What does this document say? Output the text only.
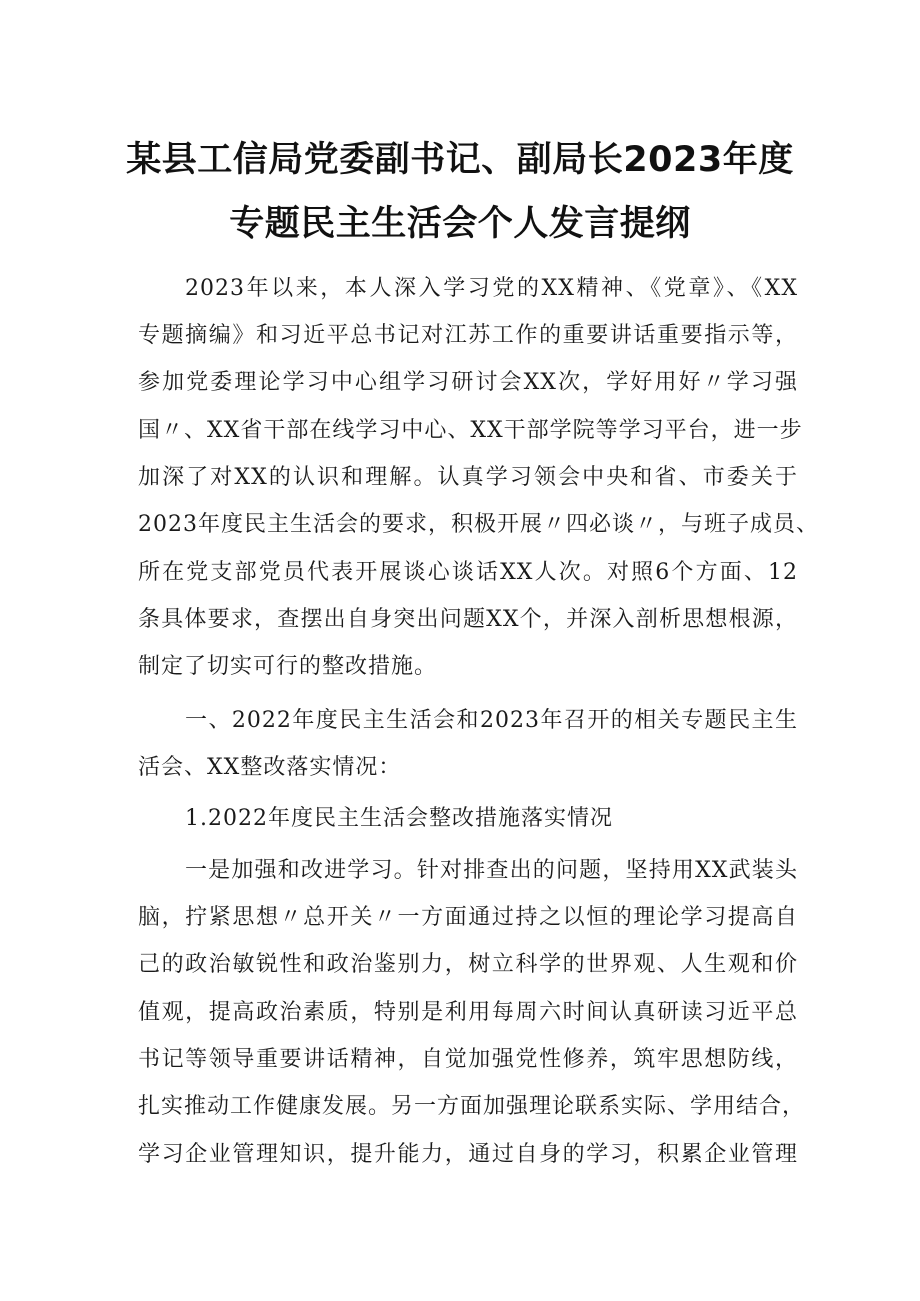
某县工信局党委副书记、副局长2023年度
专题民主生活会个人发言提纲
2023年以来，本人深入学习党的XX精神、《党章》、《XX
专题摘编》和习近平总书记对江苏工作的重要讲话重要指示等，
参加党委理论学习中心组学习研讨会XX次，学好用好〃学习强
国〃、XX省干部在线学习中心、XX干部学院等学习平台，进一步
加深了对XX的认识和理解。认真学习领会中央和省、市委关于
2023年度民主生活会的要求，积极开展〃四必谈〃，与班子成员、
所在党支部党员代表开展谈心谈话XX人次。对照6个方面、12
条具体要求，查摆出自身突出问题XX个，并深入剖析思想根源，
制定了切实可行的整改措施。
一、2022年度民主生活会和2023年召开的相关专题民主生
活会、XX整改落实情况：
1.2022年度民主生活会整改措施落实情况
一是加强和改进学习。针对排查出的问题，坚持用XX武装头
脑，拧紧思想〃总开关〃一方面通过持之以恒的理论学习提高自
己的政治敏锐性和政治鉴别力，树立科学的世界观、人生观和价
值观，提高政治素质，特别是利用每周六时间认真研读习近平总
书记等领导重要讲话精神，自觉加强党性修养，筑牢思想防线，
扎实推动工作健康发展。另一方面加强理论联系实际、学用结合，
学习企业管理知识，提升能力，通过自身的学习，积累企业管理
